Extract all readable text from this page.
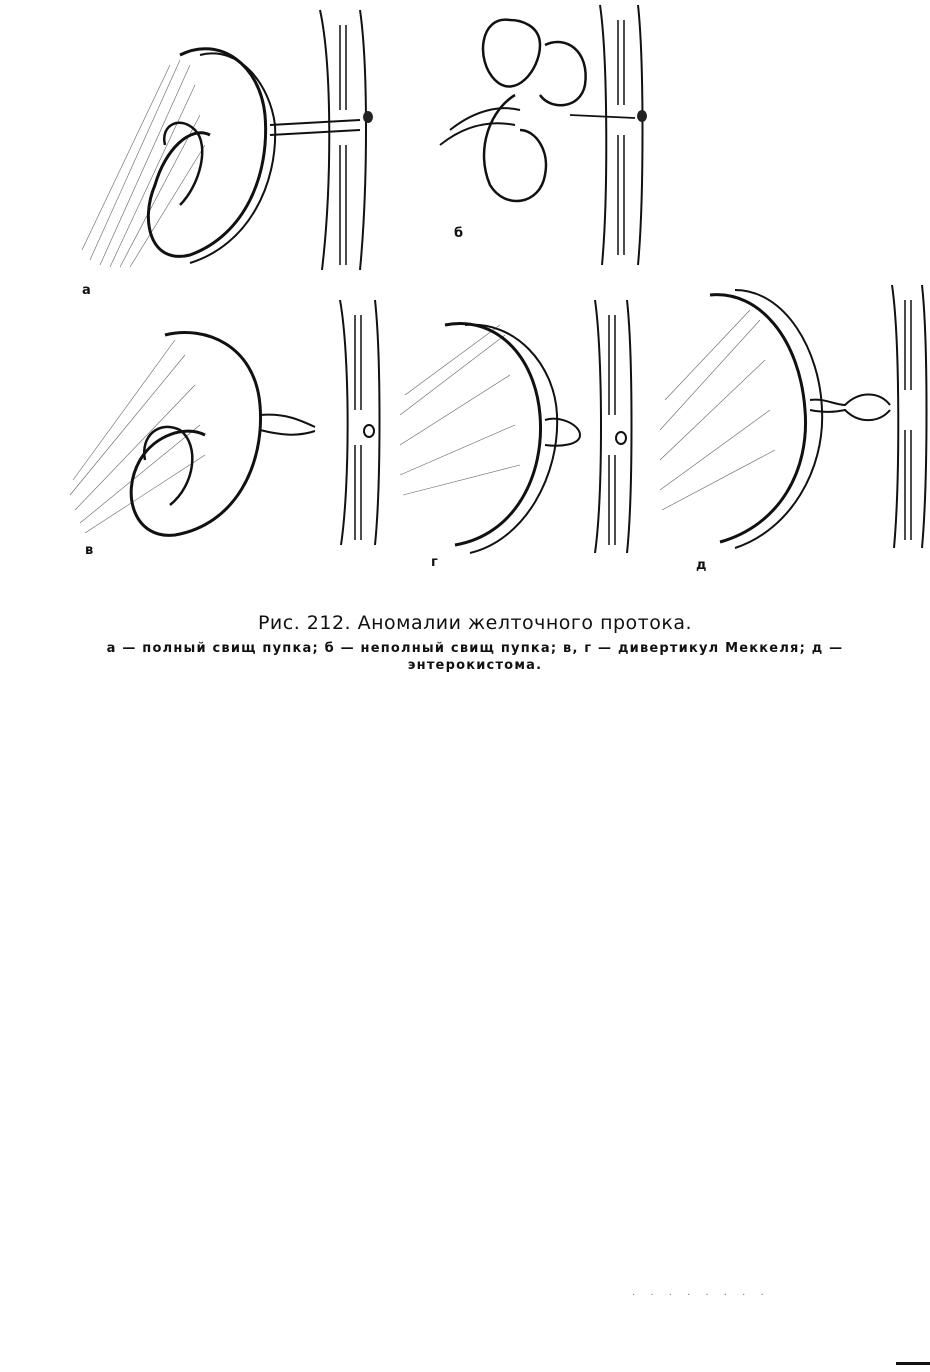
а
б
в
г	д
Рис. 212. Аномалии желточного протока.
а — полный свищ пупка; б — неполный свищ пупка; в, г — дивертикул Меккеля; д — энтерокистома.
· · · · · · · ·
